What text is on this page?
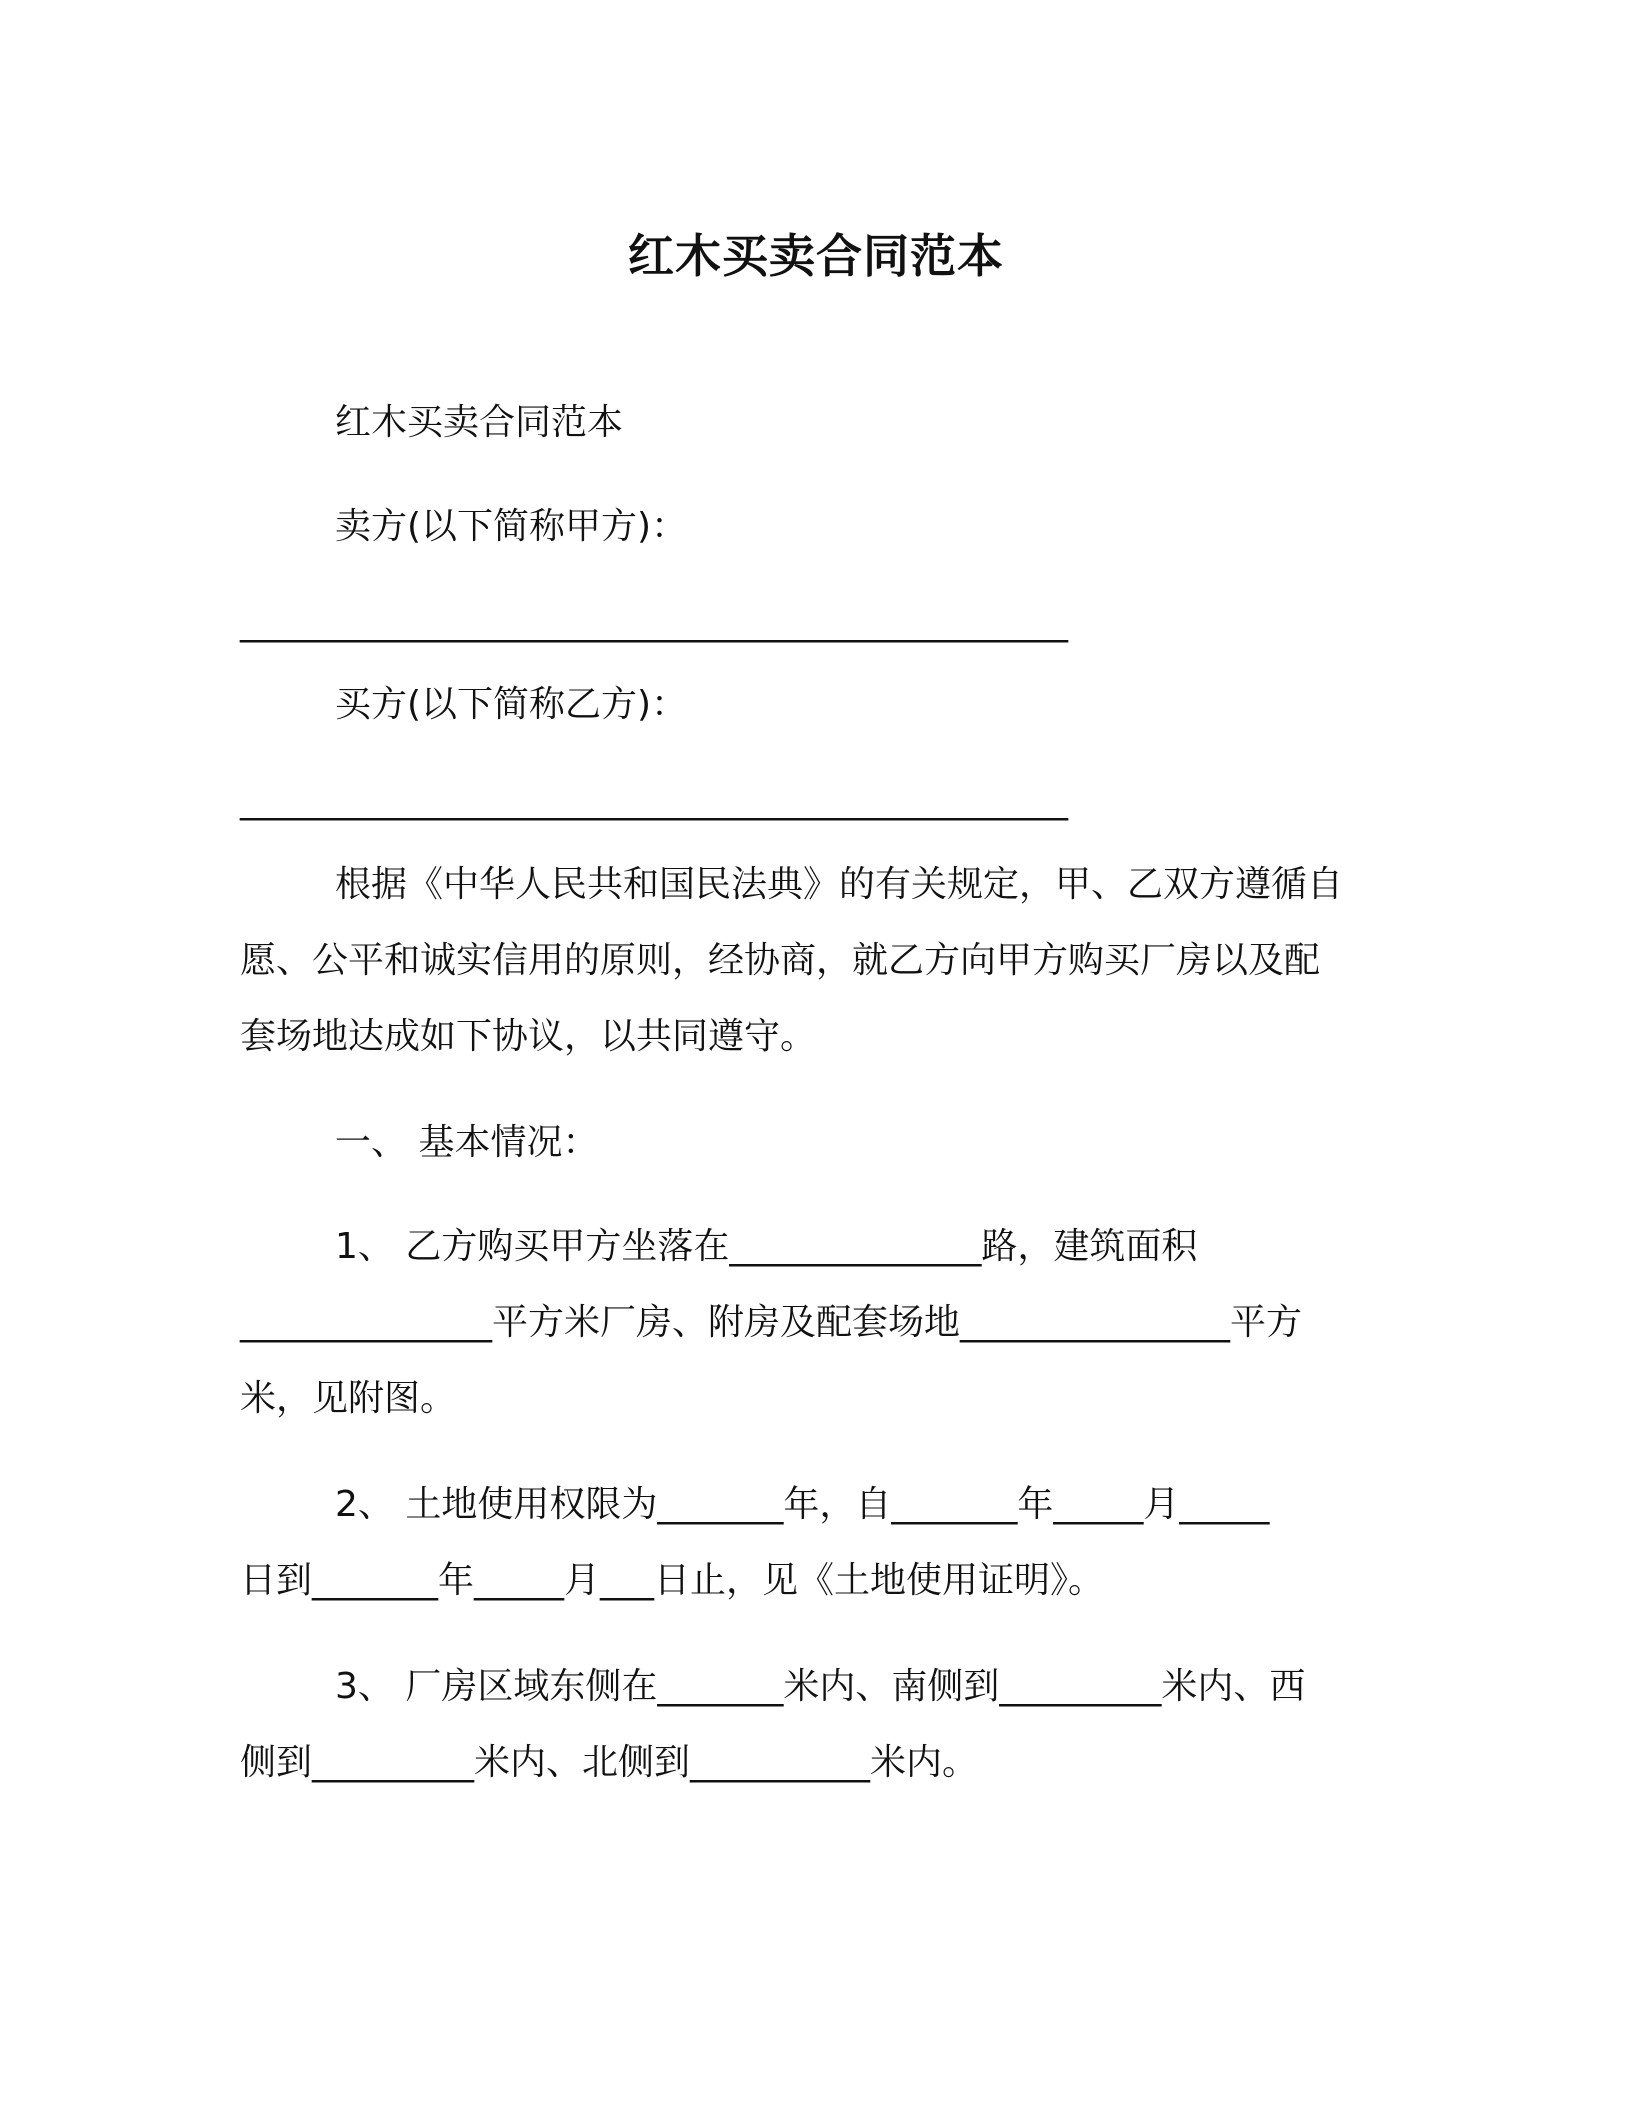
红木买卖合同范本
红木买卖合同范本
卖方(以下简称甲方)：
______________________________________________
买方(以下简称乙方)：
______________________________________________
根据《中华人民共和国民法典》的有关规定，甲、乙双方遵循自
愿、公平和诚实信用的原则，经协商，就乙方向甲方购买厂房以及配
套场地达成如下协议，以共同遵守。
一、 基本情况：
1、 乙方购买甲方坐落在______________路，建筑面积
______________平方米厂房、附房及配套场地_______________平方
米，见附图。
2、 土地使用权限为_______年，自_______年_____月_____
日到_______年_____月___日止，见《土地使用证明》。
3、 厂房区域东侧在_______米内、南侧到_________米内、西
侧到_________米内、北侧到__________米内。
